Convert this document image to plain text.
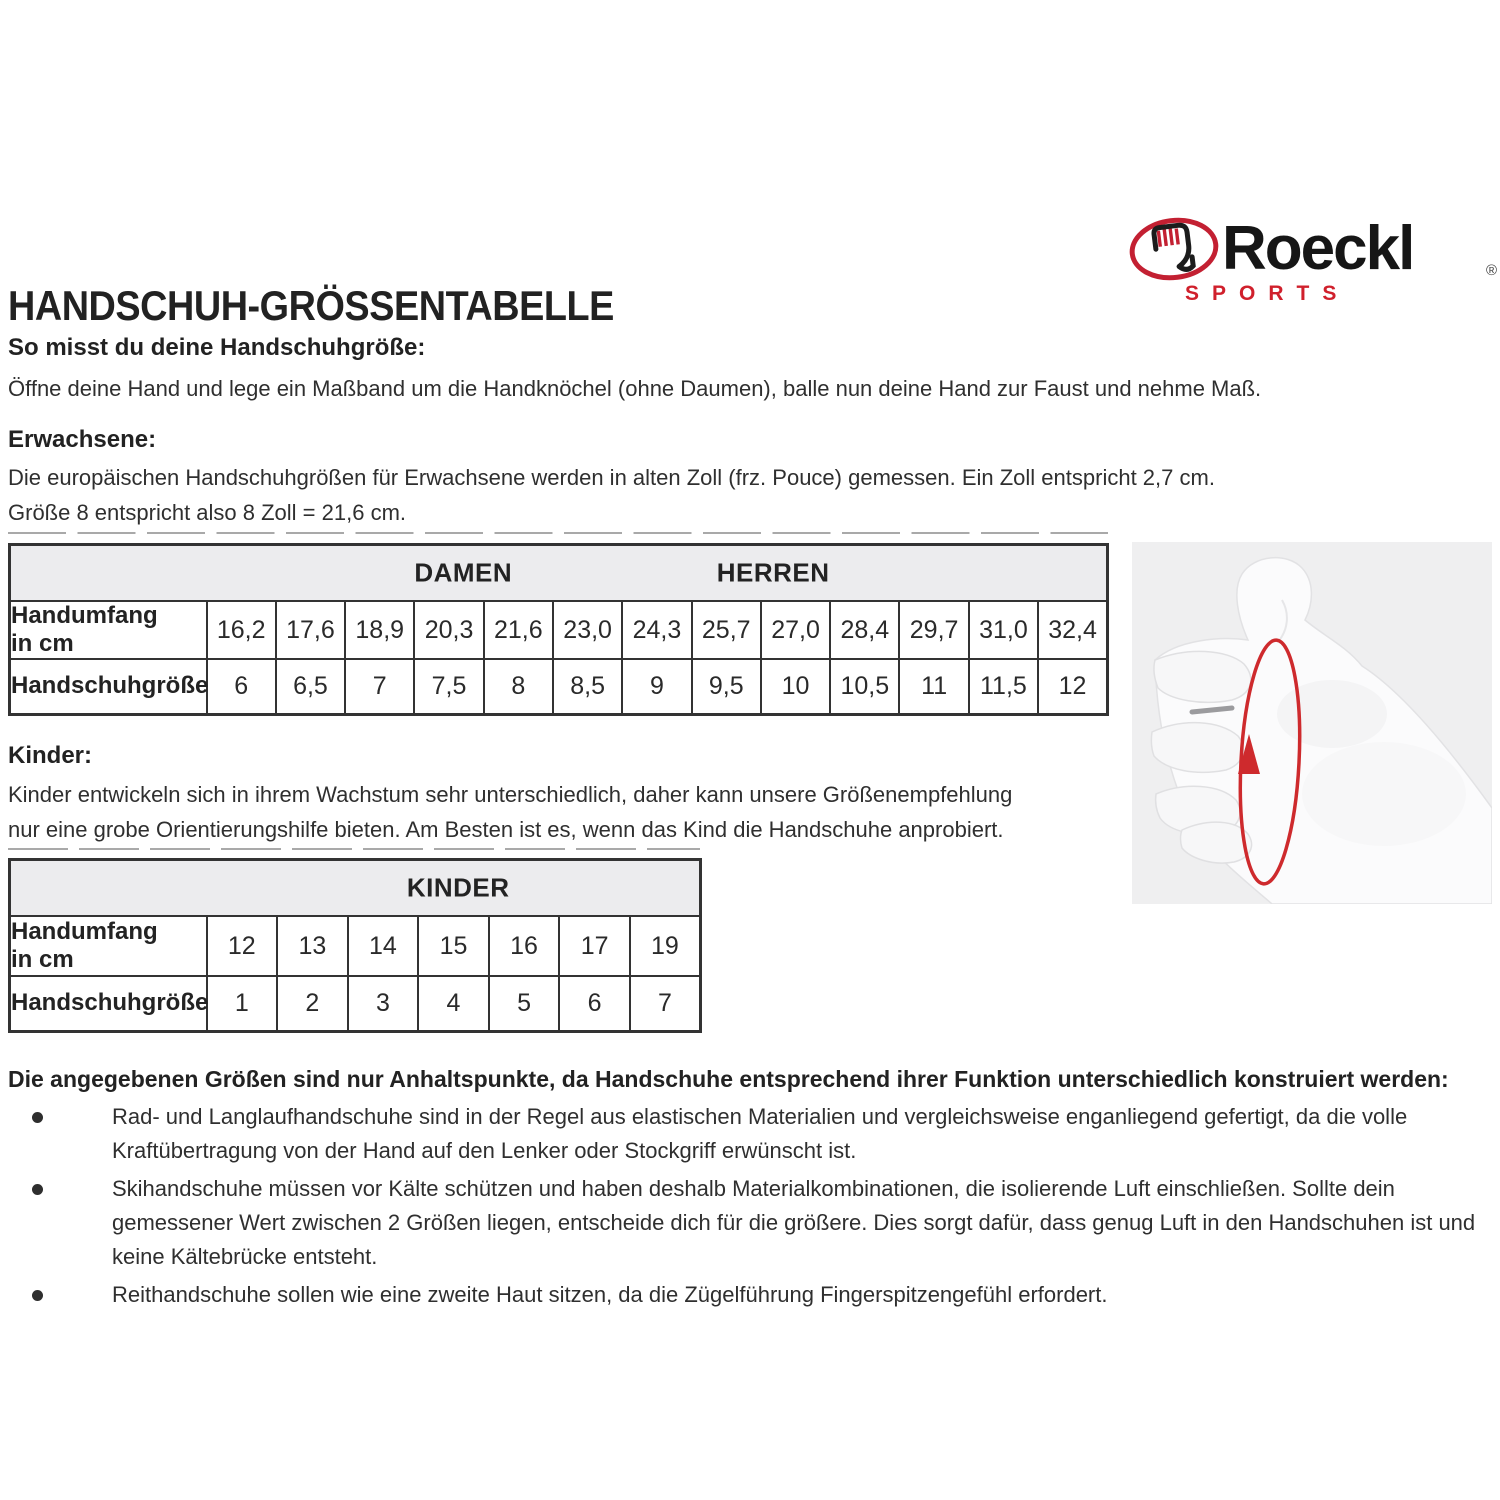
Roeckl	®
SPORTS
HANDSCHUH-GRÖSSENTABELLE
So misst du deine Handschuhgröße:
Öffne deine Hand und lege ein Maßband um die Handknöchel (ohne Daumen), balle nun deine Hand zur Faust und nehme Maß.
Erwachsene:
Die europäischen Handschuhgrößen für Erwachsene werden in alten Zoll (frz. Pouce) gemessen. Ein Zoll entspricht 2,7 cm.
Größe 8 entspricht also 8 Zoll = 21,6 cm.
DAMEN HERREN													

Handumfang
in cm	16,2	17,6	18,9	20,3	21,6	23,0	24,3	25,7	27,0	28,4	29,7	31,0	32,4
Handschuhgröße	6	6,5	7	7,5	8	8,5	9	9,5	10	10,5	11	11,5	12
Kinder:
Kinder entwickeln sich in ihrem Wachstum sehr unterschiedlich, daher kann unsere Größenempfehlung
nur eine grobe Orientierungshilfe bieten. Am Besten ist es, wenn das Kind die Handschuhe anprobiert.
KINDER							

Handumfang
in cm	12	13	14	15	16	17	19
Handschuhgröße	1	2	3	4	5	6	7
Die angegebenen Größen sind nur Anhaltspunkte, da Handschuhe entsprechend ihrer Funktion unterschiedlich konstruiert werden:
Rad- und Langlaufhandschuhe sind in der Regel aus elastischen Materialien und vergleichsweise enganliegend gefertigt, da die volle Kraftübertragung von der Hand auf den Lenker oder Stockgriff erwünscht ist.
Skihandschuhe müssen vor Kälte schützen und haben deshalb Materialkombinationen, die isolierende Luft einschließen. Sollte dein gemessener Wert zwischen 2 Größen liegen, entscheide dich für die größere. Dies sorgt dafür, dass genug Luft in den Handschuhen ist und keine Kältebrücke entsteht.
Reithandschuhe sollen wie eine zweite Haut sitzen, da die Zügelführung Fingerspitzengefühl erfordert.
